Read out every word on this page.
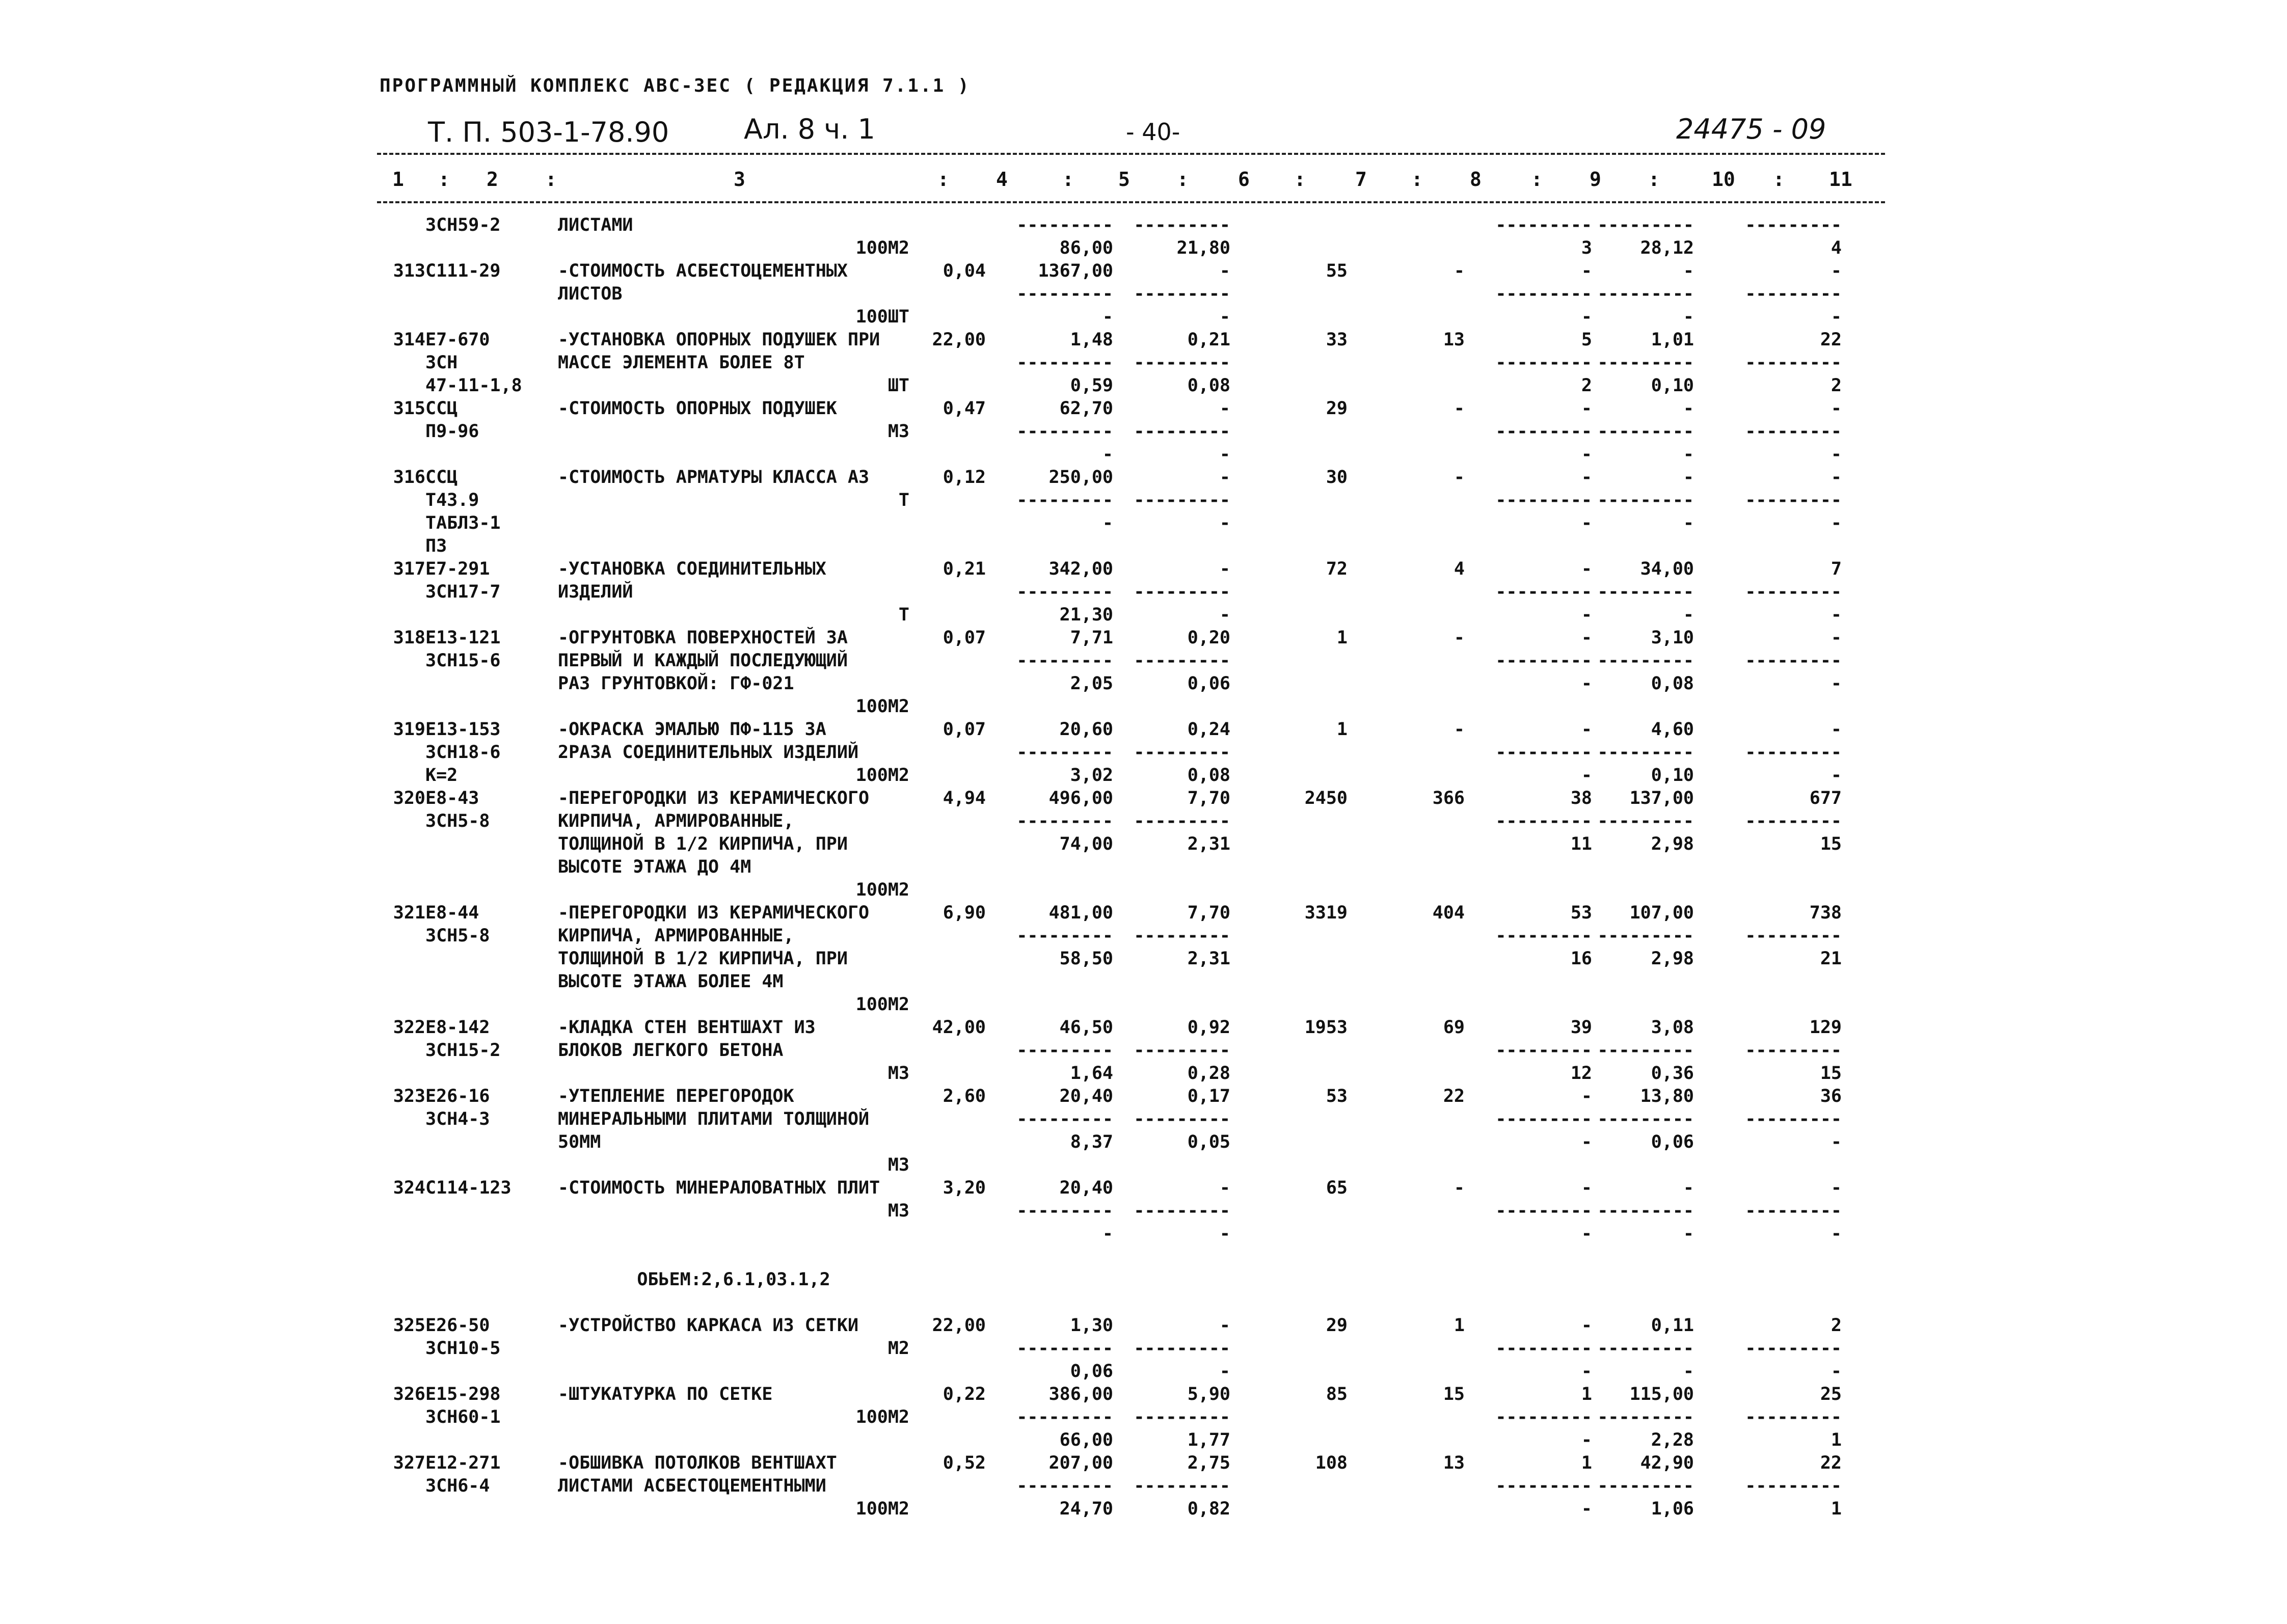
ПРОГРАММНЫЙ КОМПЛЕКС АВС-ЗЕС ( РЕДАКЦИЯ 7.1.1 )
Т. П. 503-1-78.90	Ал. 8 ч. 1	- 40-	24475 - 09
1 : 2 :	3	: 4	: 5 :	6 :	7 : 8	: 9 :	10 : 11
	ЗСН59-2	ЛИСТАМИ		---------	---------			---------	---------	---------
		100М2		86,00	21,80			3	28,12	4
313	С111-29	-СТОИМОСТЬ АСБЕСТОЦЕМЕНТНЫХ	0,04	1367,00	-	55	-	-	-	-
		ЛИСТОВ		---------	---------			---------	---------	---------
		100ШТ		-	-			-	-	-
314	Е7-670	-УСТАНОВКА ОПОРНЫХ ПОДУШЕК ПРИ	22,00	1,48	0,21	33	13	5	1,01	22
	ЗСН	МАССЕ ЭЛЕМЕНТА БОЛЕЕ 8Т		---------	---------			---------	---------	---------
	47-11-1,8	ШТ		0,59	0,08			2	0,10	2
315	ССЦ	-СТОИМОСТЬ ОПОРНЫХ ПОДУШЕК	0,47	62,70	-	29	-	-	-	-
	П9-96	М3		---------	---------			---------	---------	---------
				-	-			-	-	-
316	ССЦ	-СТОИМОСТЬ АРМАТУРЫ КЛАССА А3	0,12	250,00	-	30	-	-	-	-
	Т43.9	Т		---------	---------			---------	---------	---------
	ТАБЛ3-1			-	-			-	-	-
	П3									
317	Е7-291	-УСТАНОВКА СОЕДИНИТЕЛЬНЫХ	0,21	342,00	-	72	4	-	34,00	7
	ЗСН17-7	ИЗДЕЛИЙ		---------	---------			---------	---------	---------
		Т		21,30	-			-	-	-
318	Е13-121	-ОГРУНТОВКА ПОВЕРХНОСТЕЙ ЗА	0,07	7,71	0,20	1	-	-	3,10	-
	ЗСН15-6	ПЕРВЫЙ И КАЖДЫЙ ПОСЛЕДУЮЩИЙ		---------	---------			---------	---------	---------
		РАЗ ГРУНТОВКОЙ: ГФ-021		2,05	0,06			-	0,08	-
		100М2								
319	Е13-153	-ОКРАСКА ЭМАЛЬЮ ПФ-115 ЗА	0,07	20,60	0,24	1	-	-	4,60	-
	ЗСН18-6	2РАЗА СОЕДИНИТЕЛЬНЫХ ИЗДЕЛИЙ		---------	---------			---------	---------	---------
	К=2	100М2		3,02	0,08			-	0,10	-
320	Е8-43	-ПЕРЕГОРОДКИ ИЗ КЕРАМИЧЕСКОГО	4,94	496,00	7,70	2450	366	38	137,00	677
	ЗСН5-8	КИРПИЧА, АРМИРОВАННЫЕ,		---------	---------			---------	---------	---------
		ТОЛЩИНОЙ В 1/2 КИРПИЧА, ПРИ		74,00	2,31			11	2,98	15
		ВЫСОТЕ ЭТАЖА ДО 4М								
		100М2								
321	Е8-44	-ПЕРЕГОРОДКИ ИЗ КЕРАМИЧЕСКОГО	6,90	481,00	7,70	3319	404	53	107,00	738
	ЗСН5-8	КИРПИЧА, АРМИРОВАННЫЕ,		---------	---------			---------	---------	---------
		ТОЛЩИНОЙ В 1/2 КИРПИЧА, ПРИ		58,50	2,31			16	2,98	21
		ВЫСОТЕ ЭТАЖА БОЛЕЕ 4М								
		100М2								
322	Е8-142	-КЛАДКА СТЕН ВЕНТШАХТ ИЗ	42,00	46,50	0,92	1953	69	39	3,08	129
	ЗСН15-2	БЛОКОВ ЛЕГКОГО БЕТОНА		---------	---------			---------	---------	---------
		М3		1,64	0,28			12	0,36	15
323	Е26-16	-УТЕПЛЕНИЕ ПЕРЕГОРОДОК	2,60	20,40	0,17	53	22	-	13,80	36
	ЗСН4-3	МИНЕРАЛЬНЫМИ ПЛИТАМИ ТОЛЩИНОЙ		---------	---------			---------	---------	---------
		50ММ		8,37	0,05			-	0,06	-
		М3								
324	С114-123	-СТОИМОСТЬ МИНЕРАЛОВАТНЫХ ПЛИТ	3,20	20,40	-	65	-	-	-	-
		М3		---------	---------			---------	---------	---------
				-	-			-	-	-

		ОБЬЕМ:2,6.1,03.1,2								

325	Е26-50	-УСТРОЙСТВО КАРКАСА ИЗ СЕТКИ	22,00	1,30	-	29	1	-	0,11	2
	ЗСН10-5	М2		---------	---------			---------	---------	---------
				0,06	-			-	-	-
326	Е15-298	-ШТУКАТУРКА ПО СЕТКЕ	0,22	386,00	5,90	85	15	1	115,00	25
	ЗСН60-1	100М2		---------	---------			---------	---------	---------
				66,00	1,77			-	2,28	1
327	Е12-271	-ОБШИВКА ПОТОЛКОВ ВЕНТШАХТ	0,52	207,00	2,75	108	13	1	42,90	22
	ЗСН6-4	ЛИСТАМИ АСБЕСТОЦЕМЕНТНЫМИ		---------	---------			---------	---------	---------
		100М2		24,70	0,82			-	1,06	1
